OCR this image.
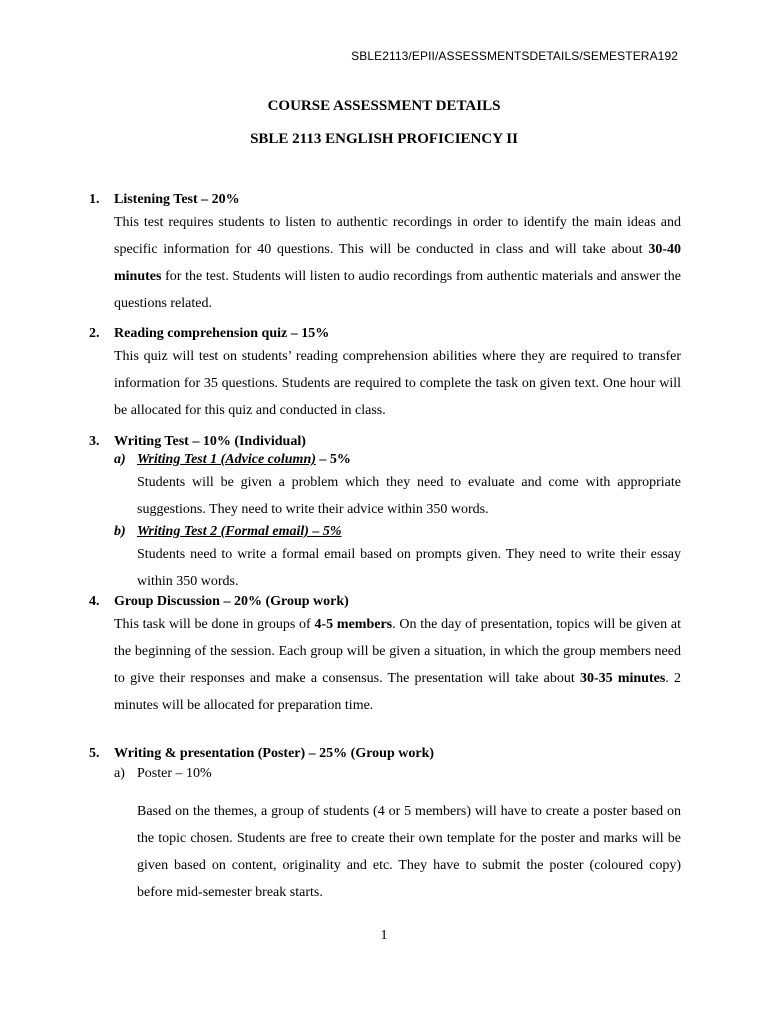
SBLE2113/EPII/ASSESSMENTSDETAILS/SEMESTERA192
COURSE ASSESSMENT DETAILS
SBLE 2113 ENGLISH PROFICIENCY II
1.	Listening Test – 20%
This test requires students to listen to authentic recordings in order to identify the main ideas and specific information for 40 questions. This will be conducted in class and will take about 30-40 minutes for the test. Students will listen to audio recordings from authentic materials and answer the questions related.
2.	Reading comprehension quiz – 15%
This quiz will test on students’ reading comprehension abilities where they are required to transfer information for 35 questions. Students are required to complete the task on given text. One hour will be allocated for this quiz and conducted in class.
3.	Writing Test – 10% (Individual)
a) Writing Test 1 (Advice column) – 5%
Students will be given a problem which they need to evaluate and come with appropriate suggestions. They need to write their advice within 350 words.
b) Writing Test 2 (Formal email) – 5%
Students need to write a formal email based on prompts given. They need to write their essay within 350 words.
4.	Group Discussion – 20% (Group work)
This task will be done in groups of 4-5 members. On the day of presentation, topics will be given at the beginning of the session. Each group will be given a situation, in which the group members need to give their responses and make a consensus. The presentation will take about 30-35 minutes. 2 minutes will be allocated for preparation time.
5.	Writing & presentation (Poster) – 25% (Group work)
a) Poster – 10%
Based on the themes, a group of students (4 or 5 members) will have to create a poster based on the topic chosen. Students are free to create their own template for the poster and marks will be given based on content, originality and etc. They have to submit the poster (coloured copy) before mid-semester break starts.
1
